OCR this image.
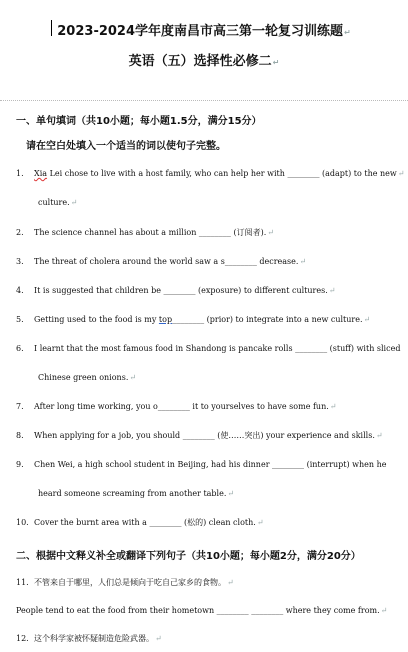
2023-2024学年度南昌市高三第一轮复习训练题↵
英语（五）选择性必修二↵
一、单句填词（共10小题；每小题1.5分，满分15分）
请在空白处填入一个适当的词以使句子完整。
1. Xia Lei chose to live with a host family, who can help her with ________ (adapt) to the new↵
culture.↵
2. The science channel has about a million ________ (订阅者).↵
3. The threat of cholera around the world saw a s________ decrease.↵
4. It is suggested that children be ________ (exposure) to different cultures.↵
5. Getting used to the food is my top________ (prior) to integrate into a new culture.↵
6. I learnt that the most famous food in Shandong is pancake rolls ________ (stuff) with sliced
Chinese green onions.↵
7. After long time working, you o________ it to yourselves to have some fun.↵
8. When applying for a job, you should ________ (使……突出) your experience and skills.↵
9. Chen Wei, a high school student in Beijing, had his dinner ________ (interrupt) when he
heard someone screaming from another table.↵
10. Cover the burnt area with a ________ (松的) clean cloth.↵
二、根据中文释义补全或翻译下列句子（共10小题；每小题2分，满分20分）
11. 不管来自于哪里，人们总是倾向于吃自己家乡的食物。↵
People tend to eat the food from their hometown ________ ________ where they come from.↵
12. 这个科学家被怀疑制造危险武器。↵
